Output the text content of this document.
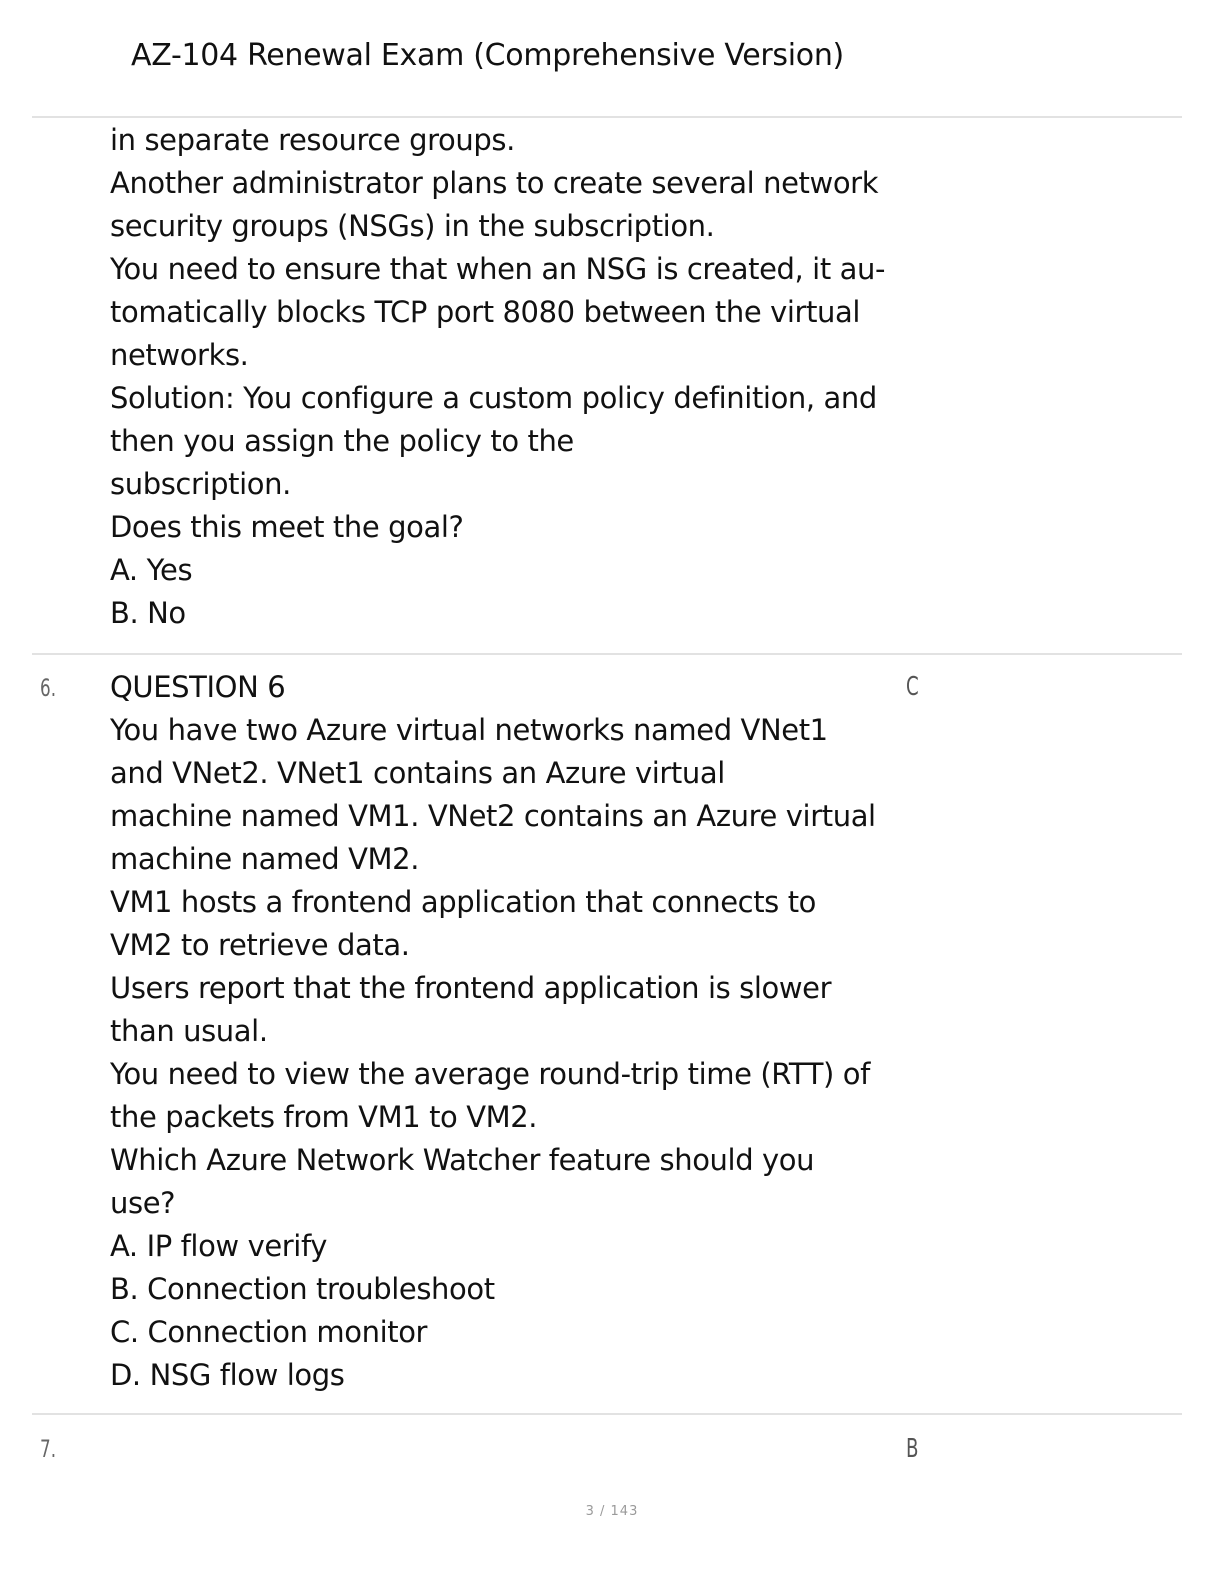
AZ-104 Renewal Exam (Comprehensive Version)
in separate resource groups.
Another administrator plans to create several network
security groups (NSGs) in the subscription.
You need to ensure that when an NSG is created, it au-
tomatically blocks TCP port 8080 between the virtual
networks.
Solution: You configure a custom policy definition, and
then you assign the policy to the
subscription.
Does this meet the goal?
A. Yes
B. No
6.	C
QUESTION 6
You have two Azure virtual networks named VNet1
and VNet2. VNet1 contains an Azure virtual
machine named VM1. VNet2 contains an Azure virtual
machine named VM2.
VM1 hosts a frontend application that connects to
VM2 to retrieve data.
Users report that the frontend application is slower
than usual.
You need to view the average round-trip time (RTT) of
the packets from VM1 to VM2.
Which Azure Network Watcher feature should you
use?
A. IP flow verify
B. Connection troubleshoot
C. Connection monitor
D. NSG flow logs
7.	B
3 / 143
